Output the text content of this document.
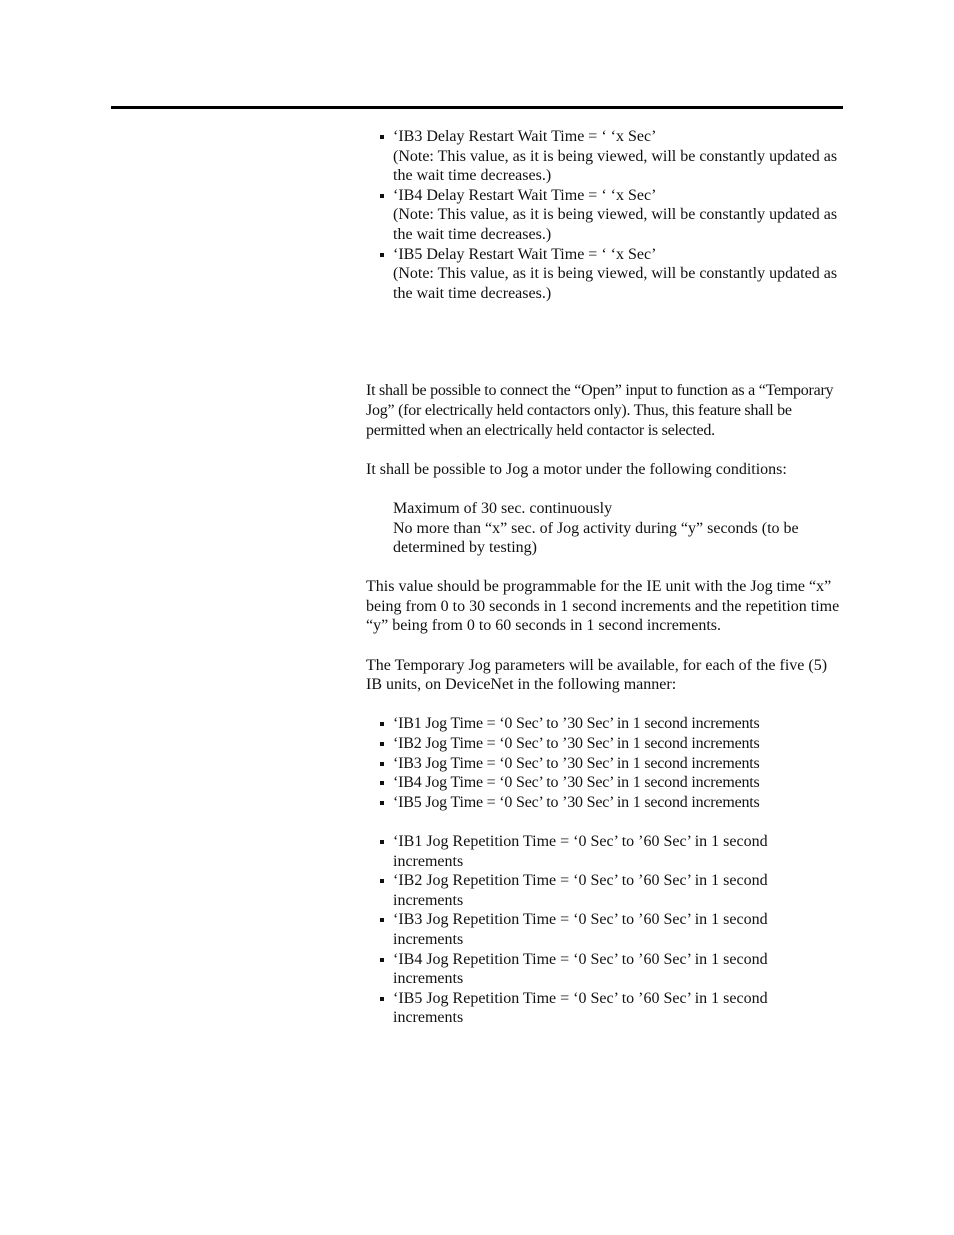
‘IB3 Delay Restart Wait Time = ‘ ‘x Sec’
(Note: This value, as it is being viewed, will be constantly updated as the wait time decreases.)
‘IB4 Delay Restart Wait Time = ‘ ‘x Sec’
(Note: This value, as it is being viewed, will be constantly updated as the wait time decreases.)
‘IB5 Delay Restart Wait Time = ‘ ‘x Sec’
(Note: This value, as it is being viewed, will be constantly updated as the wait time decreases.)

It shall be possible to connect the “Open” input to function as a “Temporary Jog” (for electrically held contactors only). Thus, this feature shall be permitted when an electrically held contactor is selected.

It shall be possible to Jog a motor under the following conditions:

Maximum of 30 sec. continuously

No more than “x” sec. of Jog activity during “y” seconds (to be determined by testing)

This value should be programmable for the IE unit with the Jog time “x” being from 0 to 30 seconds in 1 second increments and the repetition time “y” being from 0 to 60 seconds in 1 second increments.

The Temporary Jog parameters will be available, for each of the five (5) IB units, on DeviceNet in the following manner:

‘IB1 Jog Time = ‘0 Sec’ to ’30 Sec’ in 1 second increments
‘IB2 Jog Time = ‘0 Sec’ to ’30 Sec’ in 1 second increments
‘IB3 Jog Time = ‘0 Sec’ to ’30 Sec’ in 1 second increments
‘IB4 Jog Time = ‘0 Sec’ to ’30 Sec’ in 1 second increments
‘IB5 Jog Time = ‘0 Sec’ to ’30 Sec’ in 1 second increments
‘IB1 Jog Repetition Time = ‘0 Sec’ to ’60 Sec’ in 1 second increments
‘IB2 Jog Repetition Time = ‘0 Sec’ to ’60 Sec’ in 1 second increments
‘IB3 Jog Repetition Time = ‘0 Sec’ to ’60 Sec’ in 1 second increments
‘IB4 Jog Repetition Time = ‘0 Sec’ to ’60 Sec’ in 1 second increments
‘IB5 Jog Repetition Time = ‘0 Sec’ to ’60 Sec’ in 1 second increments
